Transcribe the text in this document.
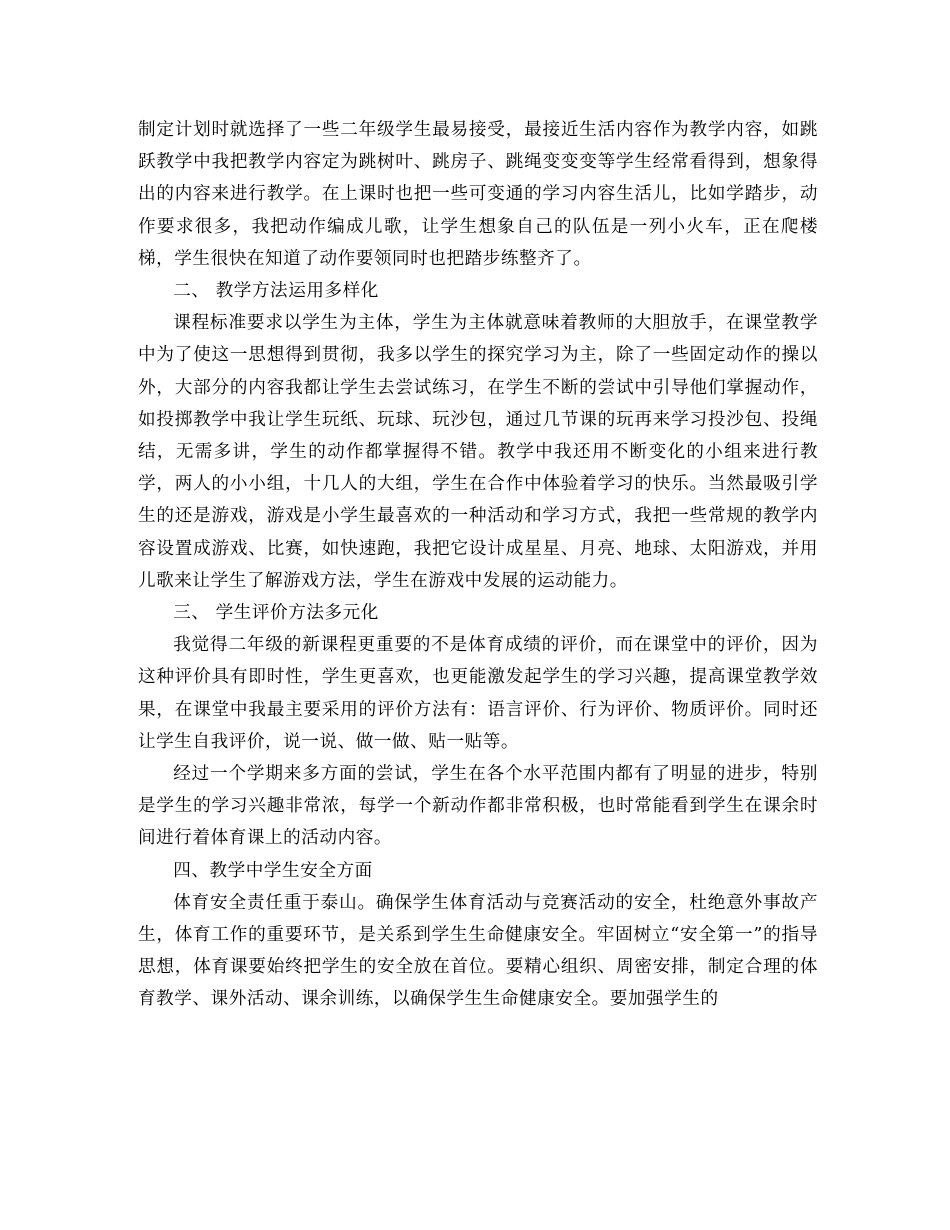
制定计划时就选择了一些二年级学生最易接受，最接近生活内容作为教学内容，如跳跃教学中我把教学内容定为跳树叶、跳房子、跳绳变变变等学生经常看得到，想象得出的内容来进行教学。在上课时也把一些可变通的学习内容生活儿，比如学踏步，动作要求很多，我把动作编成儿歌，让学生想象自己的队伍是一列小火车，正在爬楼梯，学生很快在知道了动作要领同时也把踏步练整齐了。

二、 教学方法运用多样化

课程标准要求以学生为主体，学生为主体就意味着教师的大胆放手，在课堂教学中为了使这一思想得到贯彻，我多以学生的探究学习为主，除了一些固定动作的操以外，大部分的内容我都让学生去尝试练习，在学生不断的尝试中引导他们掌握动作，如投掷教学中我让学生玩纸、玩球、玩沙包，通过几节课的玩再来学习投沙包、投绳结，无需多讲，学生的动作都掌握得不错。教学中我还用不断变化的小组来进行教学，两人的小小组，十几人的大组，学生在合作中体验着学习的快乐。当然最吸引学生的还是游戏，游戏是小学生最喜欢的一种活动和学习方式，我把一些常规的教学内容设置成游戏、比赛，如快速跑，我把它设计成星星、月亮、地球、太阳游戏，并用儿歌来让学生了解游戏方法，学生在游戏中发展的运动能力。

三、 学生评价方法多元化

我觉得二年级的新课程更重要的不是体育成绩的评价，而在课堂中的评价，因为这种评价具有即时性，学生更喜欢，也更能激发起学生的学习兴趣，提高课堂教学效果，在课堂中我最主要采用的评价方法有：语言评价、行为评价、物质评价。同时还让学生自我评价，说一说、做一做、贴一贴等。

经过一个学期来多方面的尝试，学生在各个水平范围内都有了明显的进步，特别是学生的学习兴趣非常浓，每学一个新动作都非常积极，也时常能看到学生在课余时间进行着体育课上的活动内容。

四、教学中学生安全方面

体育安全责任重于泰山。确保学生体育活动与竞赛活动的安全，杜绝意外事故产生，体育工作的重要环节，是关系到学生生命健康安全。牢固树立“安全第一”的指导思想，体育课要始终把学生的安全放在首位。要精心组织、周密安排，制定合理的体育教学、课外活动、课余训练，以确保学生生命健康安全。要加强学生的
